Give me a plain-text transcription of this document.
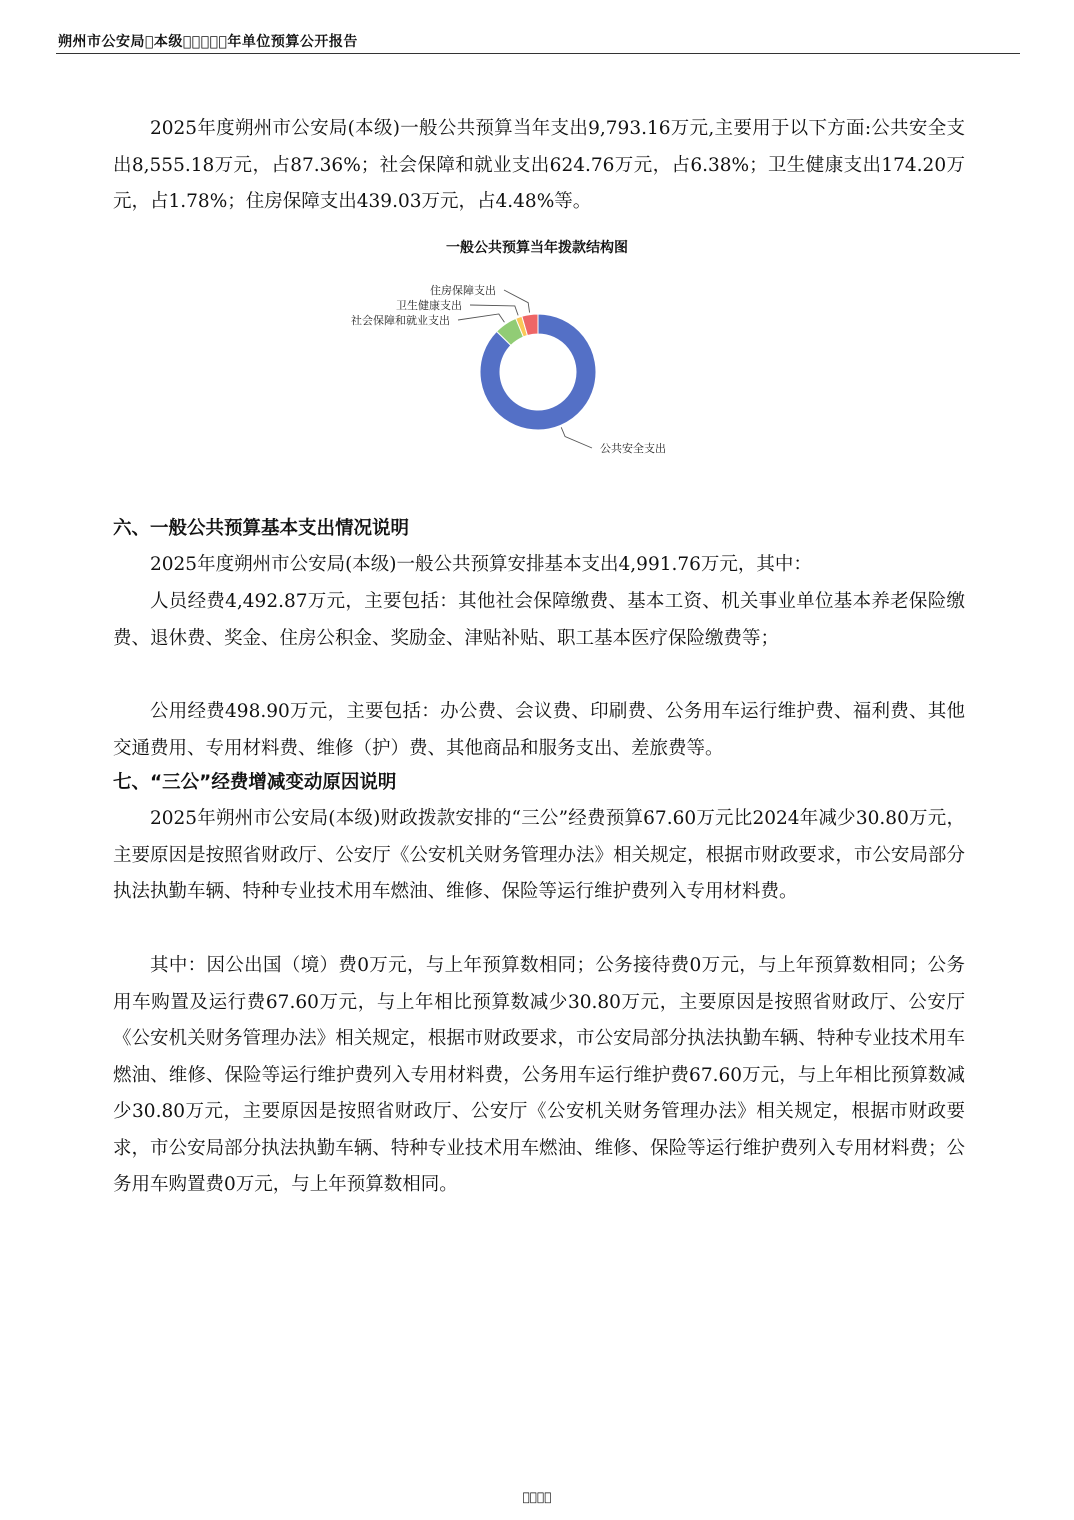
朔州市公安局 本级     年单位预算公开报告

2025年度朔州市公安局(本级)一般公共预算当年支出9,793.16万元,主要用于以下方面:公共安全支出8,555.18万元，占87.36%；社会保障和就业支出624.76万元，占6.38%；卫生健康支出174.20万元，占1.78%；住房保障支出439.03万元，占4.48%等。

一般公共预算当年拨款结构图
公共安全支出
社会保障和就业支出
卫生健康支出
住房保障支出
六、一般公共预算基本支出情况说明

2025年度朔州市公安局(本级)一般公共预算安排基本支出4,991.76万元，其中：

人员经费4,492.87万元，主要包括：其他社会保障缴费、基本工资、机关事业单位基本养老保险缴费、退休费、奖金、住房公积金、奖励金、津贴补贴、职工基本医疗保险缴费等；

公用经费498.90万元，主要包括：办公费、会议费、印刷费、公务用车运行维护费、福利费、其他交通费用、专用材料费、维修（护）费、其他商品和服务支出、差旅费等。

七、“三公”经费增减变动原因说明

2025年朔州市公安局(本级)财政拨款安排的“三公”经费预算67.60万元比2024年减少30.80万元，主要原因是按照省财政厅、公安厅《公安机关财务管理办法》相关规定，根据市财政要求，市公安局部分执法执勤车辆、特种专业技术用车燃油、维修、保险等运行维护费列入专用材料费。

其中：因公出国（境）费0万元，与上年预算数相同；公务接待费0万元，与上年预算数相同；公务用车购置及运行费67.60万元，与上年相比预算数减少30.80万元，主要原因是按照省财政厅、公安厅《公安机关财务管理办法》相关规定，根据市财政要求，市公安局部分执法执勤车辆、特种专业技术用车燃油、维修、保险等运行维护费列入专用材料费，公务用车运行维护费67.60万元，与上年相比预算数减少30.80万元，主要原因是按照省财政厅、公安厅《公安机关财务管理办法》相关规定，根据市财政要求，市公安局部分执法执勤车辆、特种专业技术用车燃油、维修、保险等运行维护费列入专用材料费；公务用车购置费0万元，与上年预算数相同。

    
